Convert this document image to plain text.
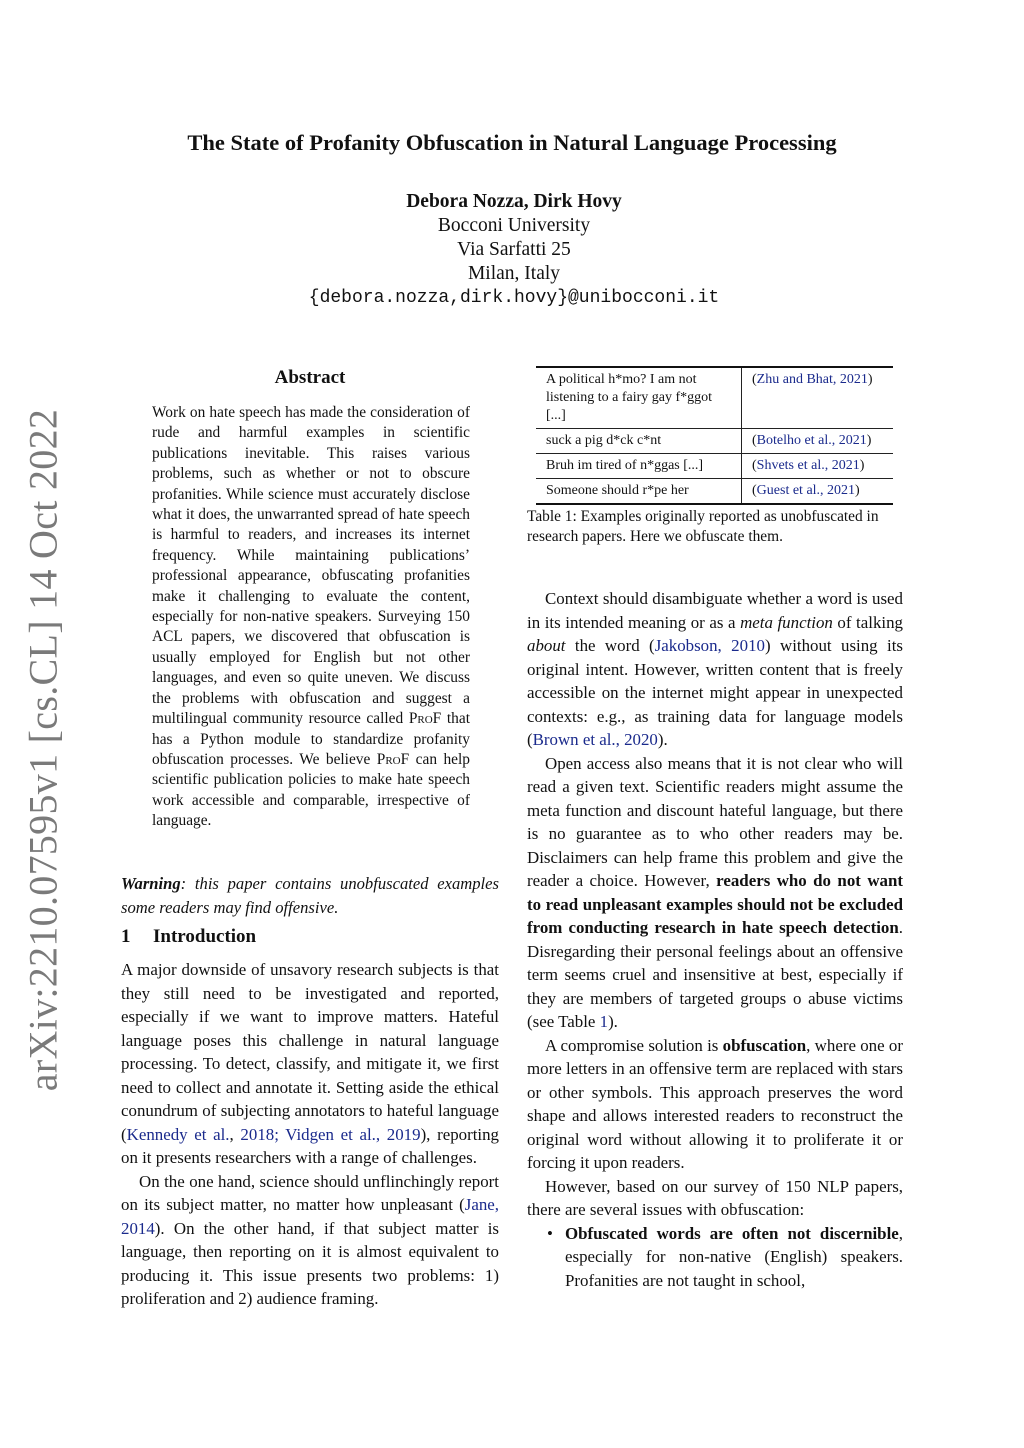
arXiv:2210.07595v1 [cs.CL] 14 Oct 2022
The State of Profanity Obfuscation in Natural Language Processing
Debora Nozza, Dirk Hovy
Bocconi University
Via Sarfatti 25
Milan, Italy
{debora.nozza,dirk.hovy}@unibocconi.it
Abstract
Work on hate speech has made the consideration of rude and harmful examples in scientific publications inevitable. This raises various problems, such as whether or not to obscure profanities. While science must accurately disclose what it does, the unwarranted spread of hate speech is harmful to readers, and increases its internet frequency. While maintaining publications’ professional appearance, obfuscating profanities make it challenging to evaluate the content, especially for non-native speakers. Surveying 150 ACL papers, we discovered that obfuscation is usually employed for English but not other languages, and even so quite uneven. We discuss the problems with obfuscation and suggest a multilingual community resource called ProF that has a Python module to standardize profanity obfuscation processes. We believe ProF can help scientific publication policies to make hate speech work accessible and comparable, irrespective of language.
Warning: this paper contains unobfuscated examples some readers may find offensive.
1 Introduction

A major downside of unsavory research subjects is that they still need to be investigated and reported, especially if we want to improve matters. Hateful language poses this challenge in natural language processing. To detect, classify, and mitigate it, we first need to collect and annotate it. Setting aside the ethical conundrum of subjecting annotators to hateful language (Kennedy et al., 2018; Vidgen et al., 2019), reporting on it presents researchers with a range of challenges.

On the one hand, science should unflinchingly report on its subject matter, no matter how unpleasant (Jane, 2014). On the other hand, if that subject matter is language, then reporting on it is almost equivalent to producing it. This issue presents two problems: 1) proliferation and 2) audience framing.

A political h*mo? I am not listening to a fairy gay f*ggot [...]	(Zhu and Bhat, 2021)
suck a pig d*ck c*nt	(Botelho et al., 2021)
Bruh im tired of n*ggas [...]	(Shvets et al., 2021)
Someone should r*pe her	(Guest et al., 2021)
Table 1: Examples originally reported as unobfuscated in research papers. Here we obfuscate them.

Context should disambiguate whether a word is used in its intended meaning or as a meta function of talking about the word (Jakobson, 2010) without using its original intent. However, written content that is freely accessible on the internet might appear in unexpected contexts: e.g., as training data for language models (Brown et al., 2020).

Open access also means that it is not clear who will read a given text. Scientific readers might assume the meta function and discount hateful language, but there is no guarantee as to who other readers may be. Disclaimers can help frame this problem and give the reader a choice. However, readers who do not want to read unpleasant examples should not be excluded from conducting research in hate speech detection. Disregarding their personal feelings about an offensive term seems cruel and insensitive at best, especially if they are members of targeted groups o abuse victims (see Table 1).

A compromise solution is obfuscation, where one or more letters in an offensive term are replaced with stars or other symbols. This approach preserves the word shape and allows interested readers to reconstruct the original word without allowing it to proliferate it or forcing it upon readers.

However, based on our survey of 150 NLP papers, there are several issues with obfuscation:

• Obfuscated words are often not discernible, especially for non-native (English) speakers. Profanities are not taught in school,
